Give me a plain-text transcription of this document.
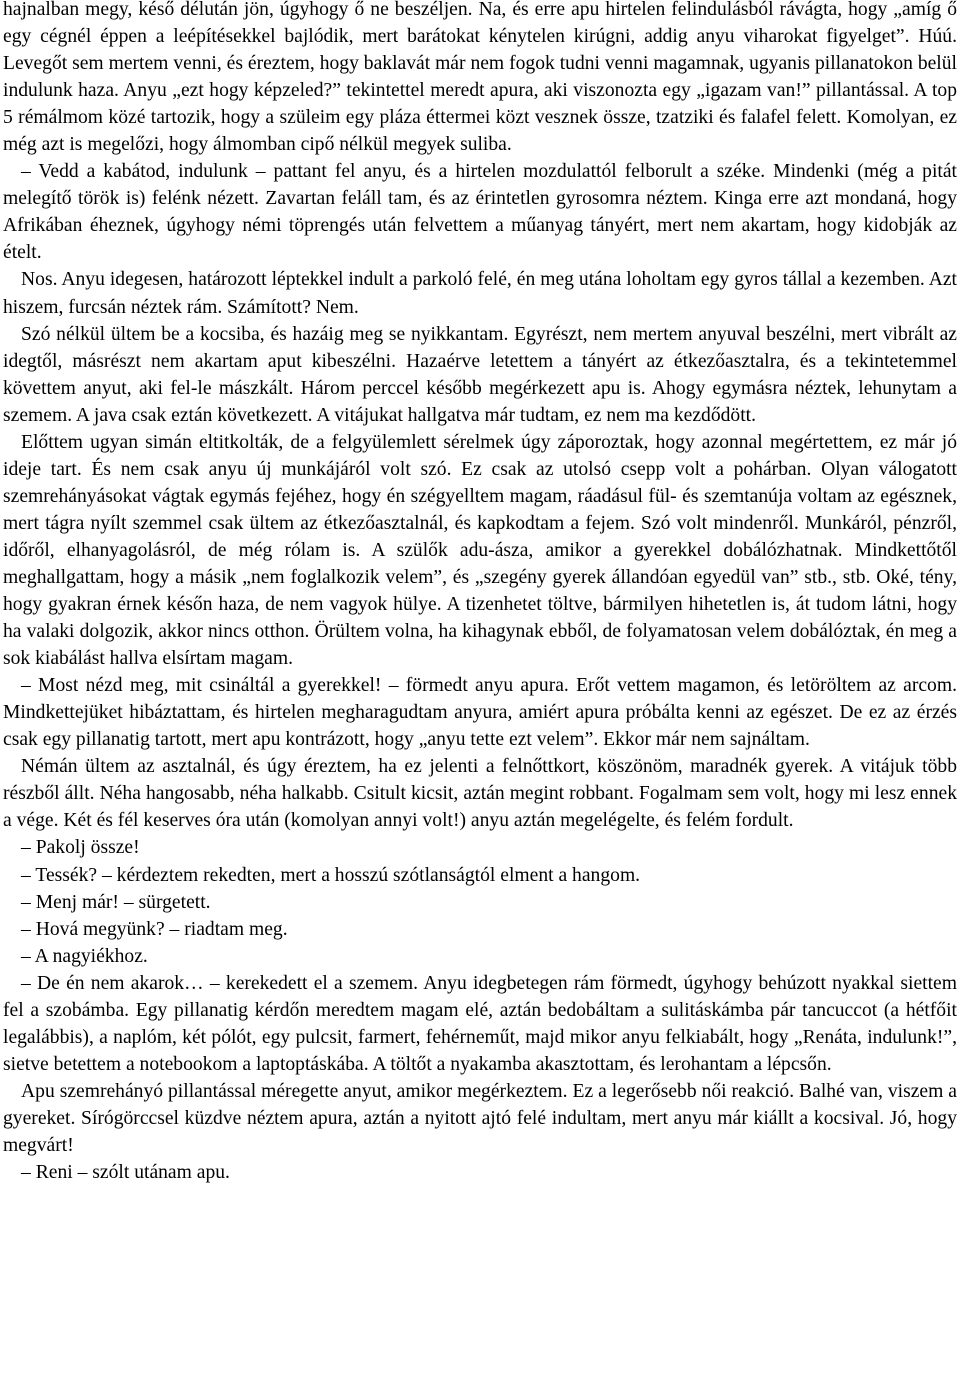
hajnalban megy, késő délután jön, úgyhogy ő ne beszéljen. Na, és erre apu hirtelen felindulásból rávágta, hogy „amíg ő egy cégnél éppen a leépítésekkel bajlódik, mert barátokat kénytelen kirúgni, addig anyu viharokat figyelget”. Húú. Levegőt sem mertem venni, és éreztem, hogy baklavát már nem fogok tudni venni magamnak, ugyanis pillanatokon belül indulunk haza. Anyu „ezt hogy képzeled?” tekintettel meredt apura, aki viszonozta egy „igazam van!” pillantással. A top 5 rémálmom közé tartozik, hogy a szüleim egy pláza éttermei közt vesznek össze, tzatziki és falafel felett. Komolyan, ez még azt is megelőzi, hogy álmomban cipő nélkül megyek suliba.

– Vedd a kabátod, indulunk – pattant fel anyu, és a hirtelen mozdulattól felborult a széke. Mindenki (még a pitát melegítő török is) felénk nézett. Zavartan feláll tam, és az érintetlen gyrosomra néztem. Kinga erre azt mondaná, hogy Afrikában éheznek, úgyhogy némi töprengés után felvettem a műanyag tányért, mert nem akartam, hogy kidobják az ételt.

Nos. Anyu idegesen, határozott léptekkel indult a parkoló felé, én meg utána loholtam egy gyros tállal a kezemben. Azt hiszem, furcsán néztek rám. Számított? Nem.

Szó nélkül ültem be a kocsiba, és hazáig meg se nyikkantam. Egyrészt, nem mertem anyuval beszélni, mert vibrált az idegtől, másrészt nem akartam aput kibeszélni. Hazaérve letettem a tányért az étkezőasztalra, és a tekintetemmel követtem anyut, aki fel-le mászkált. Három perccel később megérkezett apu is. Ahogy egymásra néztek, lehunytam a szemem. A java csak eztán következett. A vitájukat hallgatva már tudtam, ez nem ma kezdődött.

Előttem ugyan simán eltitkolták, de a felgyülemlett sérelmek úgy záporoztak, hogy azonnal megértettem, ez már jó ideje tart. És nem csak anyu új munkájáról volt szó. Ez csak az utolsó csepp volt a pohárban. Olyan válogatott szemrehányásokat vágtak egymás fejéhez, hogy én szégyelltem magam, ráadásul fül- és szemtanúja voltam az egésznek, mert tágra nyílt szemmel csak ültem az étkezőasztalnál, és kapkodtam a fejem. Szó volt mindenről. Munkáról, pénzről, időről, elhanyagolásról, de még rólam is. A szülők adu-ásza, amikor a gyerekkel dobálózhatnak. Mindkettőtől meghallgattam, hogy a másik „nem foglalkozik velem”, és „szegény gyerek állandóan egyedül van” stb., stb. Oké, tény, hogy gyakran érnek későn haza, de nem vagyok hülye. A tizenhetet töltve, bármilyen hihetetlen is, át tudom látni, hogy ha valaki dolgozik, akkor nincs otthon. Örültem volna, ha kihagynak ebből, de folyamatosan velem dobálóztak, én meg a sok kiabálást hallva elsírtam magam.

– Most nézd meg, mit csináltál a gyerekkel! – förmedt anyu apura. Erőt vettem magamon, és letöröltem az arcom. Mindkettejüket hibáztattam, és hirtelen megharagudtam anyura, amiért apura próbálta kenni az egészet. De ez az érzés csak egy pillanatig tartott, mert apu kontrázott, hogy „anyu tette ezt velem”. Ekkor már nem sajnáltam.

Némán ültem az asztalnál, és úgy éreztem, ha ez jelenti a felnőttkort, köszönöm, maradnék gyerek. A vitájuk több részből állt. Néha hangosabb, néha halkabb. Csitult kicsit, aztán megint robbant. Fogalmam sem volt, hogy mi lesz ennek a vége. Két és fél keserves óra után (komolyan annyi volt!) anyu aztán megelégelte, és felém fordult.

– Pakolj össze!

– Tessék? – kérdeztem rekedten, mert a hosszú szótlanságtól elment a hangom.

– Menj már! – sürgetett.

– Hová megyünk? – riadtam meg.

– A nagyiékhoz.

– De én nem akarok… – kerekedett el a szemem. Anyu idegbetegen rám förmedt, úgyhogy behúzott nyakkal siettem fel a szobámba. Egy pillanatig kérdőn meredtem magam elé, aztán bedobáltam a sulitáskámba pár tancuccot (a hétfőit legalábbis), a naplóm, két pólót, egy pulcsit, farmert, fehérneműt, majd mikor anyu felkiabált, hogy „Renáta, indulunk!”, sietve betettem a notebookom a laptoptáskába. A töltőt a nyakamba akasztottam, és lerohantam a lépcsőn.

Apu szemrehányó pillantással méregette anyut, amikor megérkeztem. Ez a legerősebb női reakció. Balhé van, viszem a gyereket. Sírógörccsel küzdve néztem apura, aztán a nyitott ajtó felé indultam, mert anyu már kiállt a kocsival. Jó, hogy megvárt!

– Reni – szólt utánam apu.
